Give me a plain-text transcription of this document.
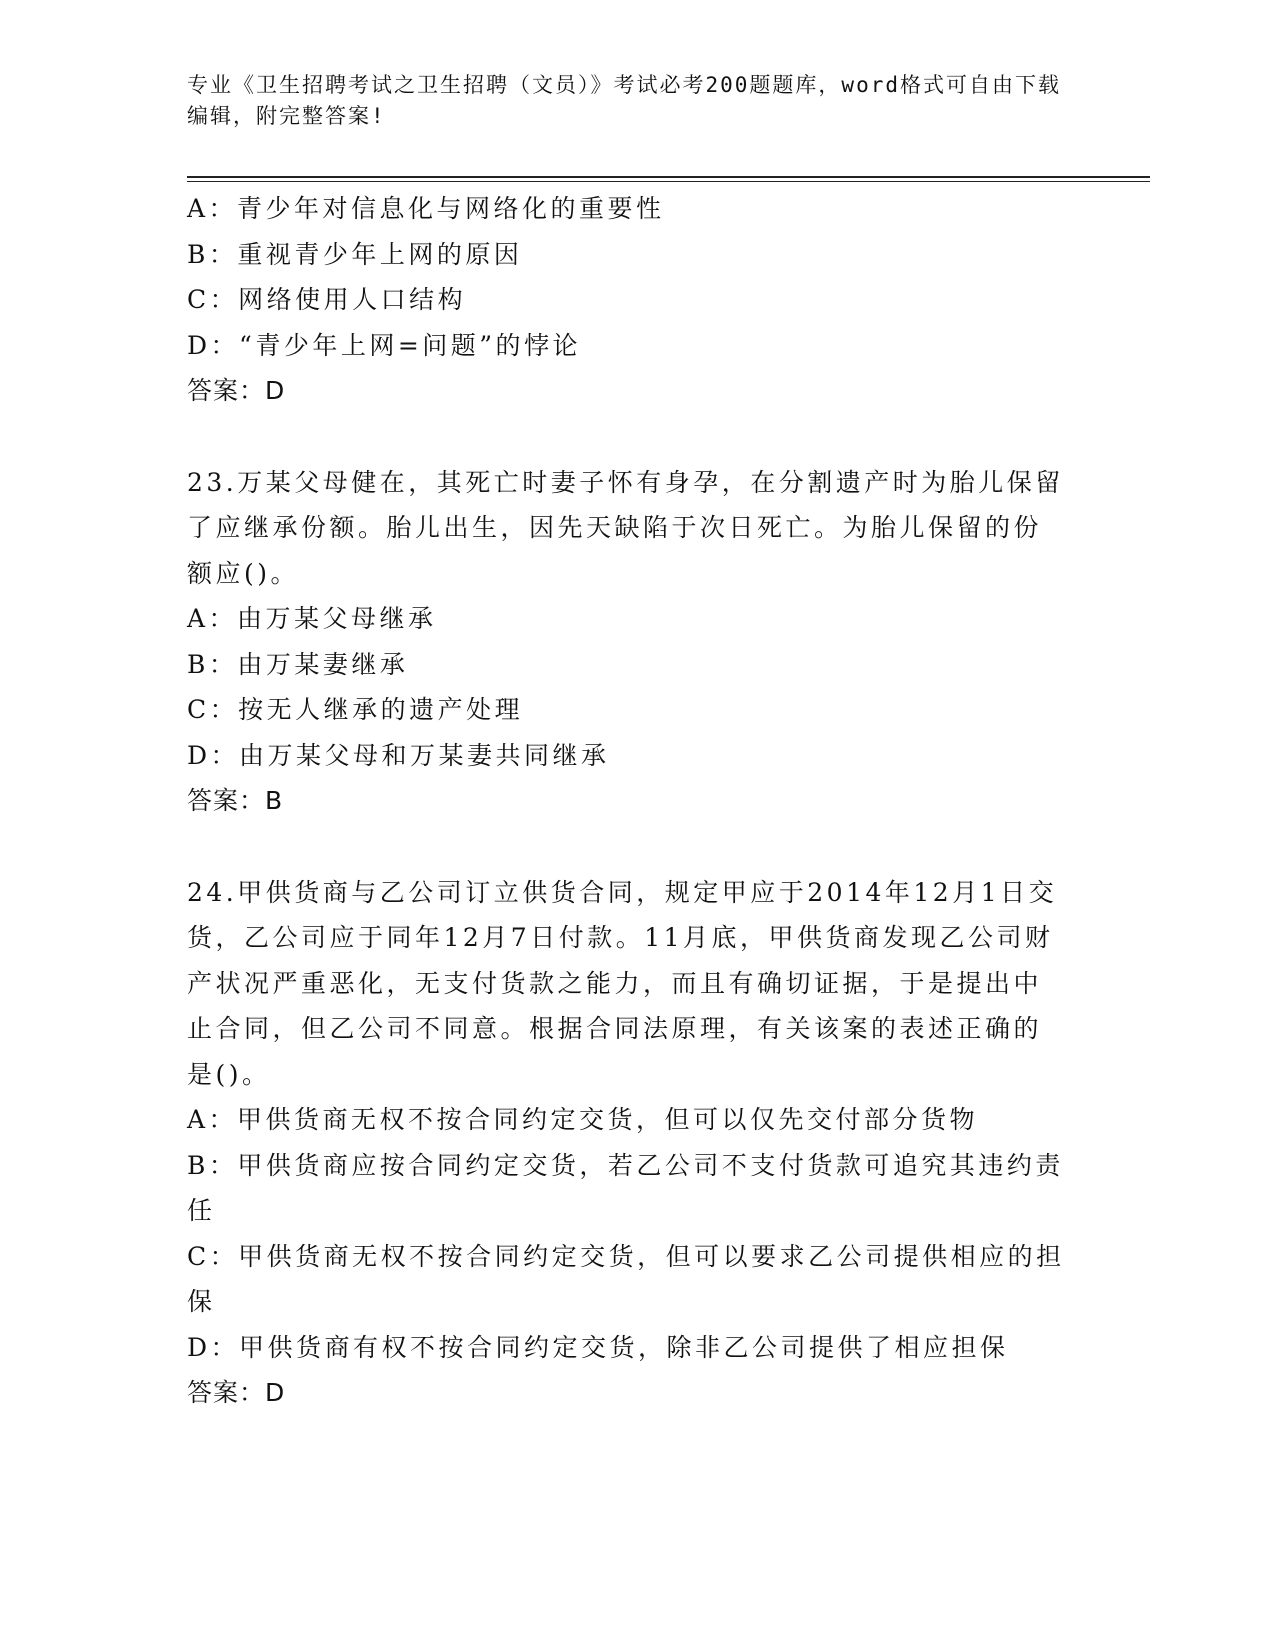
专业《卫生招聘考试之卫生招聘（文员）》考试必考200题题库，word格式可自由下载编辑，附完整答案!
A：青少年对信息化与网络化的重要性
B：重视青少年上网的原因
C：网络使用人口结构
D：“青少年上网=问题”的悖论
答案：D
23.万某父母健在，其死亡时妻子怀有身孕，在分割遗产时为胎儿保留了应继承份额。胎儿出生，因先天缺陷于次日死亡。为胎儿保留的份额应()。
A：由万某父母继承
B：由万某妻继承
C：按无人继承的遗产处理
D：由万某父母和万某妻共同继承
答案：B
24.甲供货商与乙公司订立供货合同，规定甲应于2014年12月1日交货，乙公司应于同年12月7日付款。11月底，甲供货商发现乙公司财产状况严重恶化，无支付货款之能力，而且有确切证据，于是提出中止合同，但乙公司不同意。根据合同法原理，有关该案的表述正确的是()。
A：甲供货商无权不按合同约定交货，但可以仅先交付部分货物
B：甲供货商应按合同约定交货，若乙公司不支付货款可追究其违约责任
C：甲供货商无权不按合同约定交货，但可以要求乙公司提供相应的担保
D：甲供货商有权不按合同约定交货，除非乙公司提供了相应担保
答案：D
